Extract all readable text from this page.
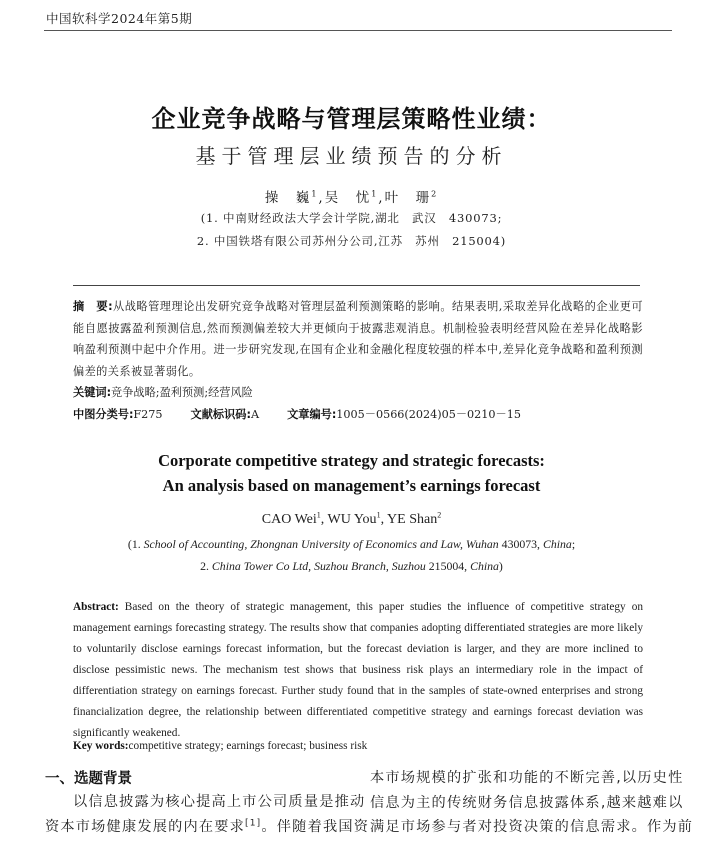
中国软科学2024年第5期
企业竞争战略与管理层策略性业绩：
基于管理层业绩预告的分析
操　巍$^1$,吴　忧$^1$,叶　珊$^2$
(1. 中南财经政法大学会计学院,湖北　武汉　430073;
2. 中国铁塔有限公司苏州分公司,江苏　苏州　215004)
摘　要:从战略管理理论出发研究竞争战略对管理层盈利预测策略的影响。结果表明,采取差异化战略的企业更可能自愿披露盈利预测信息,然而预测偏差较大并更倾向于披露悲观消息。机制检验表明经营风险在差异化战略影响盈利预测中起中介作用。进一步研究发现,在国有企业和金融化程度较强的样本中,差异化竞争战略和盈利预测偏差的关系被显著弱化。
关键词:竞争战略;盈利预测;经营风险
中图分类号:F275	文献标识码:A	文章编号:1005－0566(2024)05－0210－15
Corporate competitive strategy and strategic forecasts:
An analysis based on management’s earnings forecast
CAO Wei$^1$, WU You$^1$, YE Shan$^2$
(1. School of Accounting, Zhongnan University of Economics and Law, Wuhan 430073, China;
2. China Tower Co Ltd, Suzhou Branch, Suzhou 215004, China)
Abstract: Based on the theory of strategic management, this paper studies the influence of competitive strategy on management earnings forecasting strategy. The results show that companies adopting differentiated strategies are more likely to voluntarily disclose earnings forecast information, but the forecast deviation is larger, and they are more inclined to disclose pessimistic news. The mechanism test shows that business risk plays an intermediary role in the impact of differentiation strategy on earnings forecast. Further study found that in the samples of state-owned enterprises and strong financialization degree, the relationship between differentiated competitive strategy and earnings forecast deviation was significantly weakened.
Key words:competitive strategy; earnings forecast; business risk
一、选题背景
以信息披露为核心提高上市公司质量是推动
资本市场健康发展的内在要求[1]。伴随着我国资
本市场规模的扩张和功能的不断完善,以历史性
信息为主的传统财务信息披露体系,越来越难以
满足市场参与者对投资决策的信息需求。作为前
